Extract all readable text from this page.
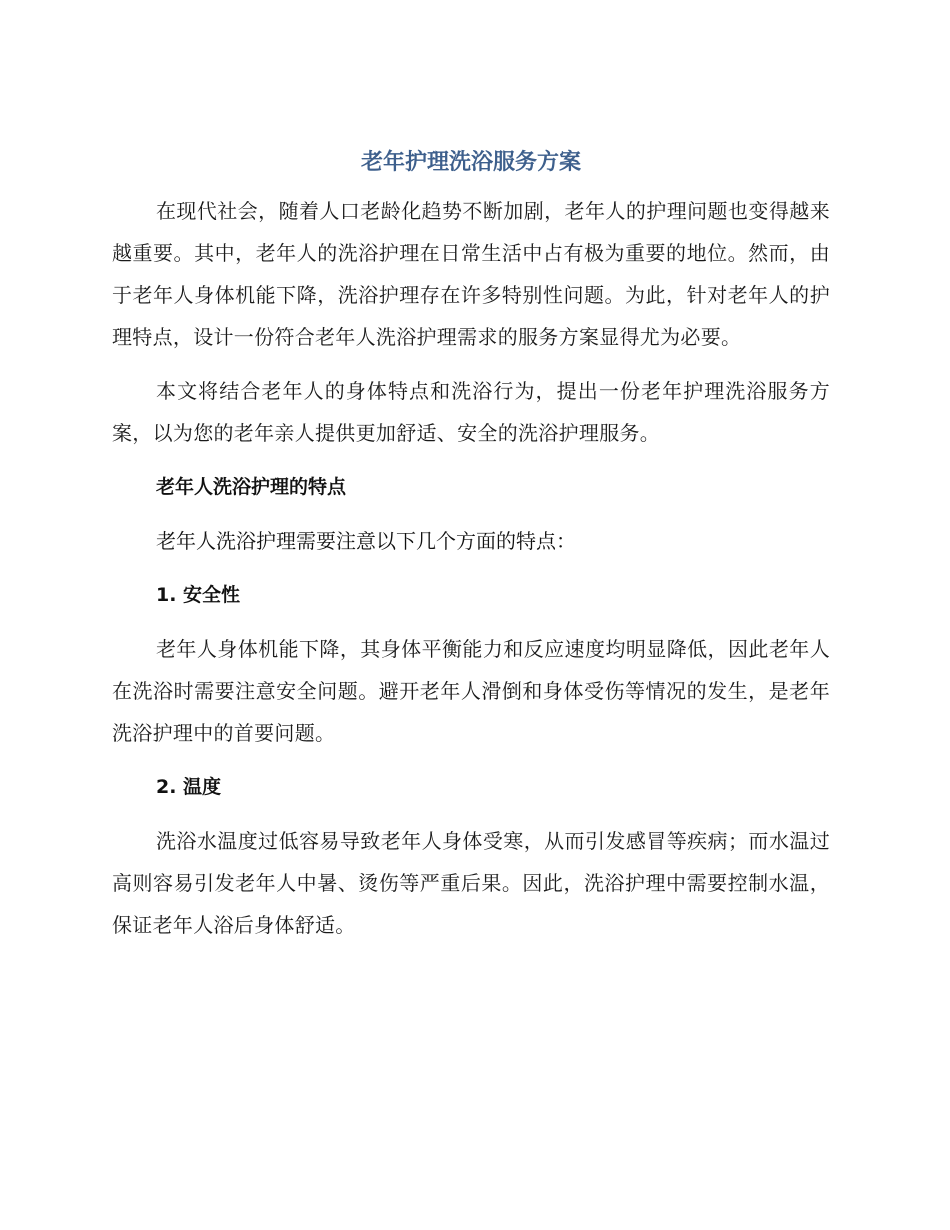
老年护理洗浴服务方案

在现代社会，随着人口老龄化趋势不断加剧，老年人的护理问题也变得越来越重要。其中，老年人的洗浴护理在日常生活中占有极为重要的地位。然而，由于老年人身体机能下降，洗浴护理存在许多特别性问题。为此，针对老年人的护理特点，设计一份符合老年人洗浴护理需求的服务方案显得尤为必要。

本文将结合老年人的身体特点和洗浴行为，提出一份老年护理洗浴服务方案，以为您的老年亲人提供更加舒适、安全的洗浴护理服务。

老年人洗浴护理的特点
老年人洗浴护理需要注意以下几个方面的特点：
1. 安全性

老年人身体机能下降，其身体平衡能力和反应速度均明显降低，因此老年人在洗浴时需要注意安全问题。避开老年人滑倒和身体受伤等情况的发生，是老年洗浴护理中的首要问题。

2. 温度

洗浴水温度过低容易导致老年人身体受寒，从而引发感冒等疾病；而水温过高则容易引发老年人中暑、烫伤等严重后果。因此，洗浴护理中需要控制水温，保证老年人浴后身体舒适。
